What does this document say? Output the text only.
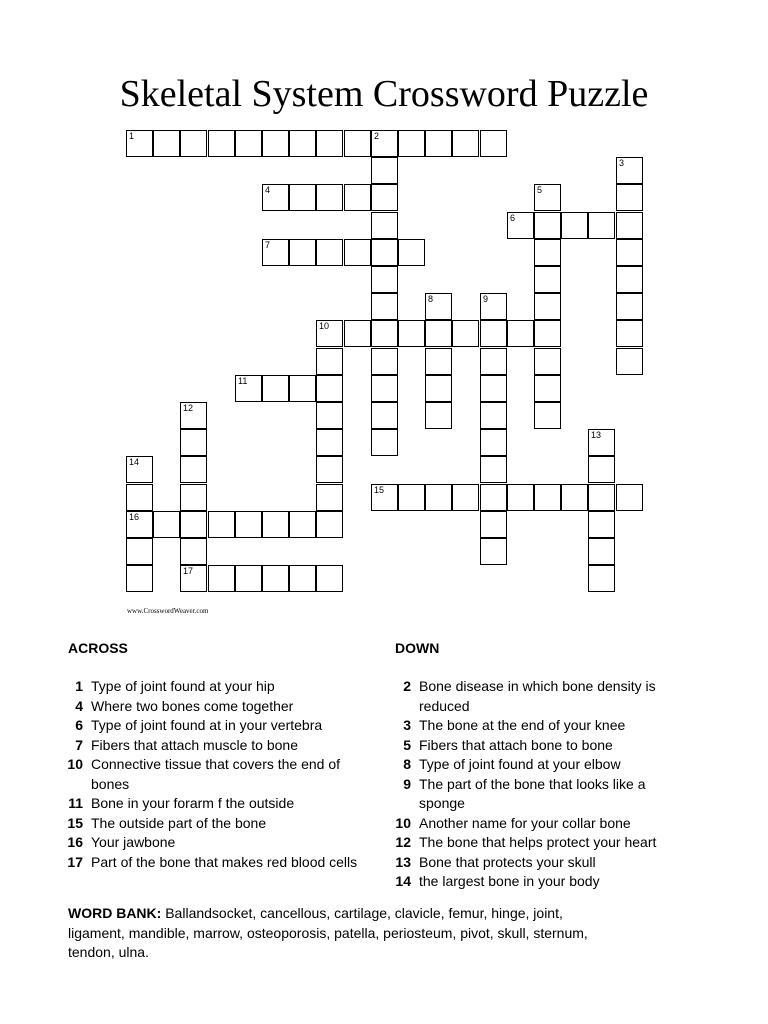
Skeletal System Crossword Puzzle
1	2
4
6
7
10
11
15
16
17
3
5
8	9
12
13
14
www.CrosswordWeaver.com
ACROSS	DOWN
1 Type of joint found at your hip
4 Where two bones come together
6 Type of joint found at in your vertebra
7 Fibers that attach muscle to bone
10 Connective tissue that covers the end of bones
11 Bone in your forarm f the outside
15 The outside part of the bone
16 Your jawbone
17 Part of the bone that makes red blood cells
2 Bone disease in which bone density is reduced
3 The bone at the end of your knee
5 Fibers that attach bone to bone
8 Type of joint found at your elbow
9 The part of the bone that looks like a sponge
10 Another name for your collar bone
12 The bone that helps protect your heart
13 Bone that protects your skull
14 the largest bone in your body
WORD BANK: Ballandsocket, cancellous, cartilage, clavicle, femur, hinge, joint, ligament, mandible, marrow, osteoporosis, patella, periosteum, pivot, skull, sternum, tendon, ulna.
